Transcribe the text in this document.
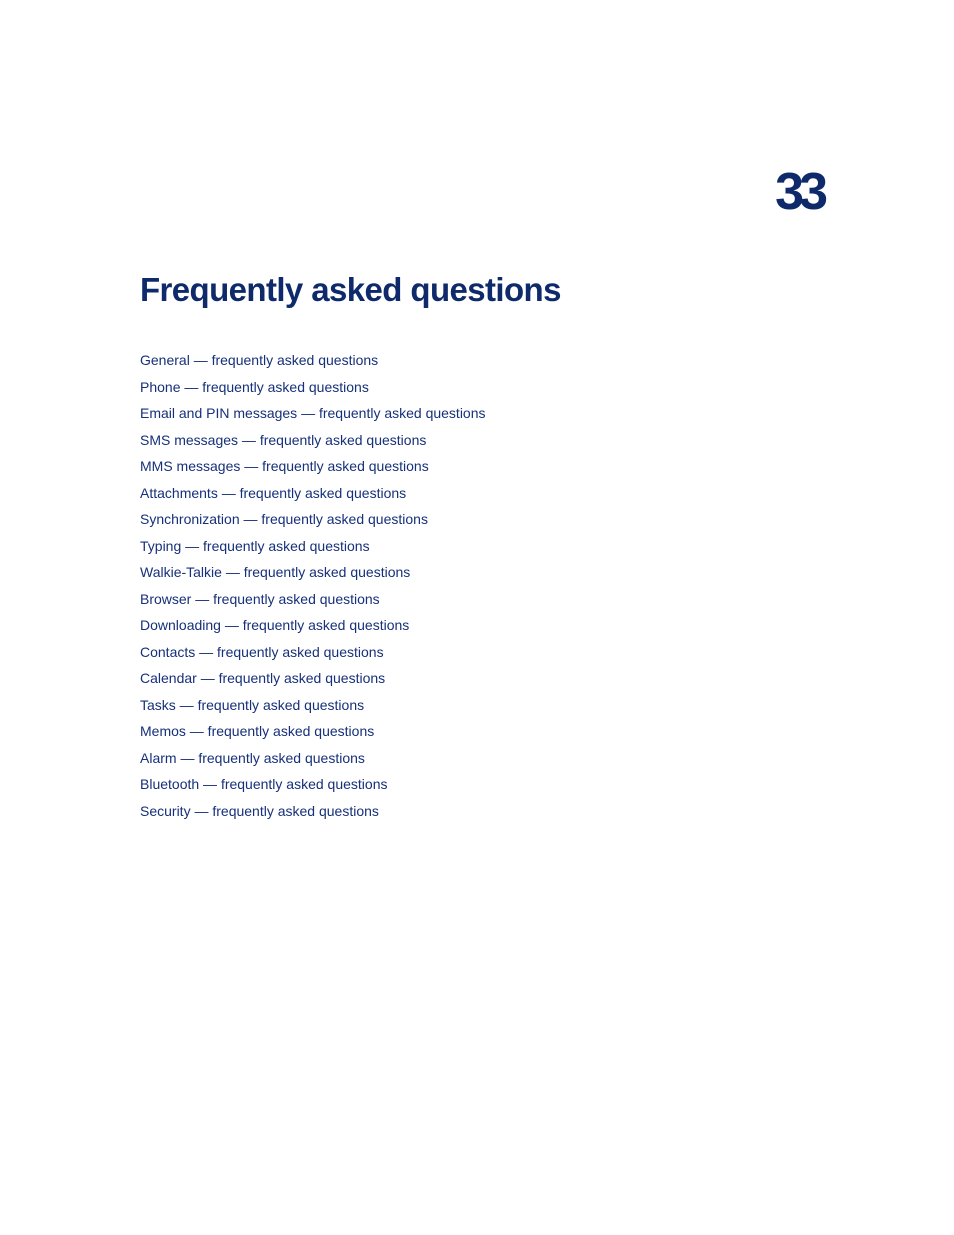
33
Frequently asked questions
General — frequently asked questions
Phone — frequently asked questions
Email and PIN messages — frequently asked questions
SMS messages — frequently asked questions
MMS messages — frequently asked questions
Attachments — frequently asked questions
Synchronization — frequently asked questions
Typing — frequently asked questions
Walkie-Talkie — frequently asked questions
Browser — frequently asked questions
Downloading — frequently asked questions
Contacts — frequently asked questions
Calendar — frequently asked questions
Tasks — frequently asked questions
Memos — frequently asked questions
Alarm — frequently asked questions
Bluetooth — frequently asked questions
Security — frequently asked questions
